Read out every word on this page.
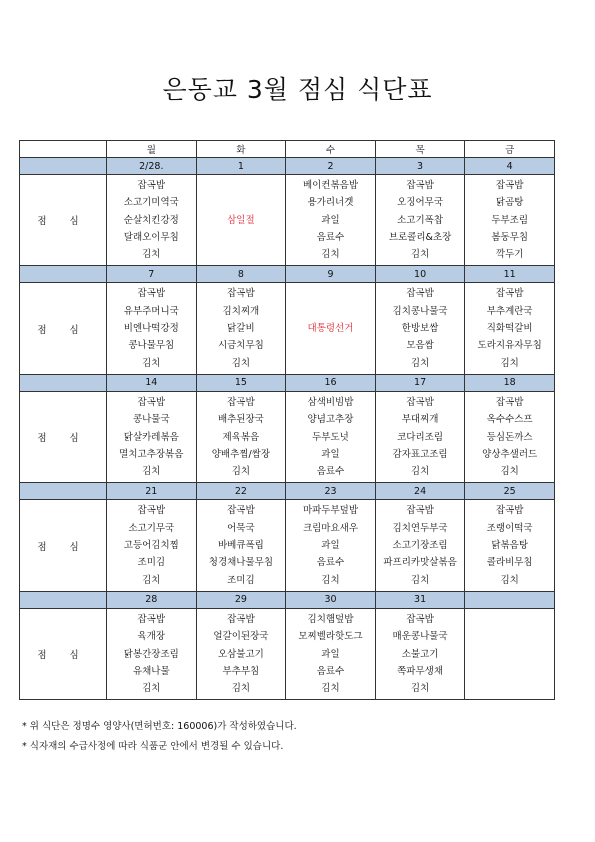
은동교 3월 점심 식단표
	월	화	수	목	금
	2/28.	1	2	3	4
점 심	잡곡밥
소고기미역국
순살치킨강정
달래오이무침
김치	삼일절	베이컨볶음밥
용가리너겟
과일
음료수
김치	잡곡밥
오징어무국
소고기폭찹
브로콜리&초장
김치	잡곡밥
닭곰탕
두부조림
봄동무침
깍두기

	7	8	9	10	11
점 심	잡곡밥
유부주머니국
비엔나떡강정
콩나물무침
김치	잡곡밥
김치찌개
닭갈비
시금치무침
김치	대통령선거	잡곡밥
김치콩나물국
한방보쌈
모음쌈
김치	잡곡밥
부추계란국
직화떡갈비
도라지유자무침
김치

	14	15	16	17	18
점 심	잡곡밥
콩나물국
닭살카레볶음
멸치고추장볶음
김치	잡곡밥
배추된장국
제육볶음
양배추찜/쌈장
김치	삼색비빔밥
양념고추장
두부도넛
과일
음료수	잡곡밥
부대찌개
코다리조림
감자표고조림
김치	잡곡밥
옥수수스프
등심돈까스
양상추샐러드
김치

	21	22	23	24	25
점 심	잡곡밥
소고기무국
고등어김치찜
조미김
김치	잡곡밥
어묵국
바베큐폭립
청경채나물무침
조미김	마파두부덮밥
크림마요새우
과일
음료수
김치	잡곡밥
김치연두부국
소고기장조림
파프리카맛살볶음
김치	잡곡밥
조랭이떡국
닭볶음탕
콜라비무침
김치

	28	29	30	31	
점 심	잡곡밥
육개장
닭봉간장조림
유채나물
김치	잡곡밥
얼갈이된장국
오삼불고기
부추부침
김치	김치햄덮밥
모찌벨라핫도그
과일
음료수
김치	잡곡밥
매운콩나물국
소불고기
쪽파무생채
김치	

* 위 식단은 정명수 영양사(면허번호: 160006)가 작성하였습니다.
* 식자재의 수급사정에 따라 식품군 안에서 변경될 수 있습니다.
